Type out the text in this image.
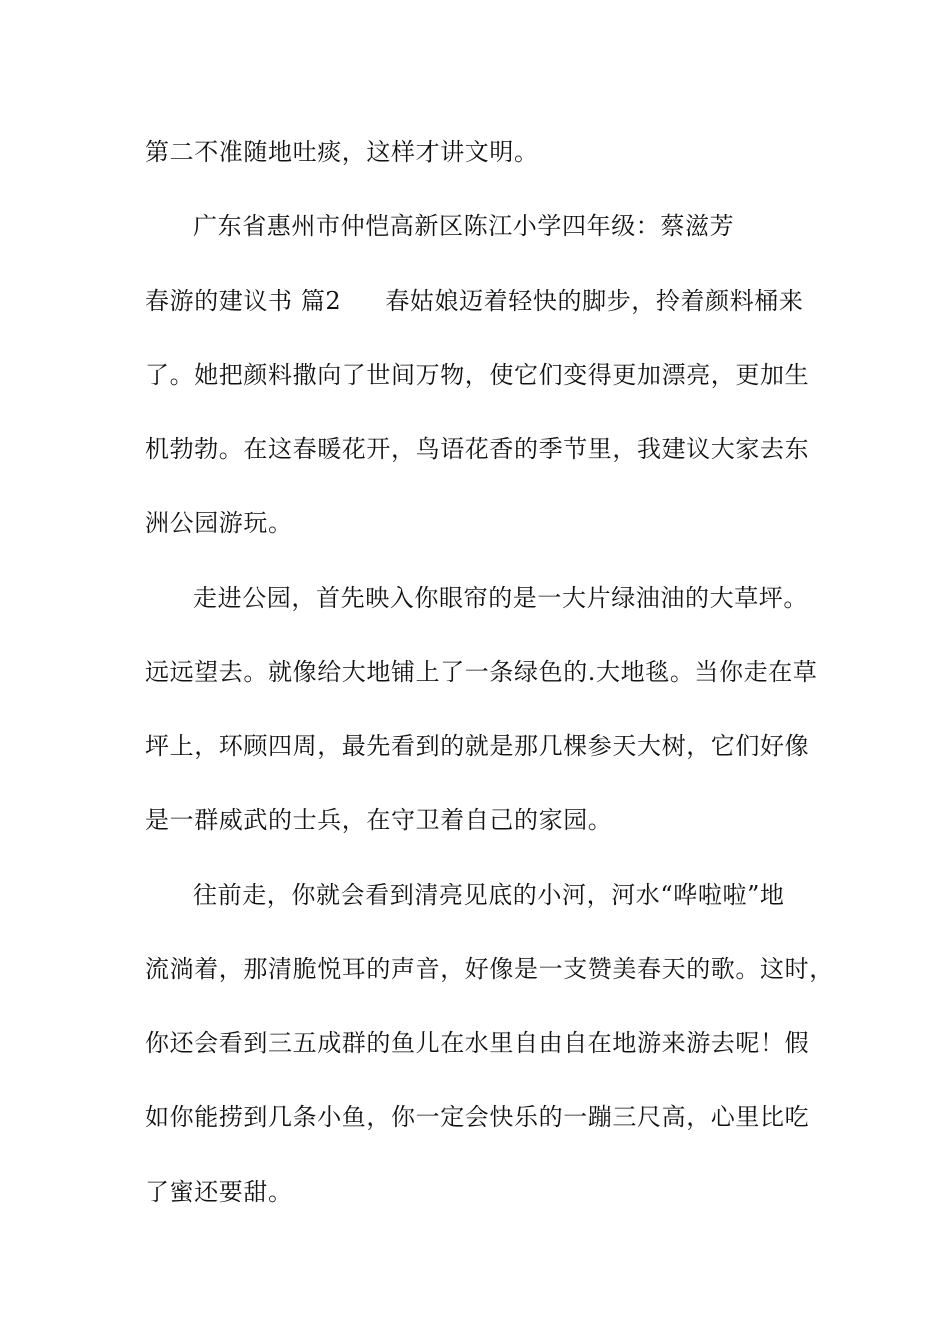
第二不准随地吐痰，这样才讲文明。
广东省惠州市仲恺高新区陈江小学四年级：蔡滋芳
春游的建议书 篇2 春姑娘迈着轻快的脚步，拎着颜料桶来
了。她把颜料撒向了世间万物，使它们变得更加漂亮，更加生
机勃勃。在这春暖花开，鸟语花香的季节里，我建议大家去东
洲公园游玩。
走进公园，首先映入你眼帘的是一大片绿油油的大草坪。
远远望去。就像给大地铺上了一条绿色的.大地毯。当你走在草
坪上，环顾四周，最先看到的就是那几棵参天大树，它们好像
是一群威武的士兵，在守卫着自己的家园。
往前走，你就会看到清亮见底的小河，河水“哗啦啦”地
流淌着，那清脆悦耳的声音，好像是一支赞美春天的歌。这时，
你还会看到三五成群的鱼儿在水里自由自在地游来游去呢！假
如你能捞到几条小鱼，你一定会快乐的一蹦三尺高，心里比吃
了蜜还要甜。
